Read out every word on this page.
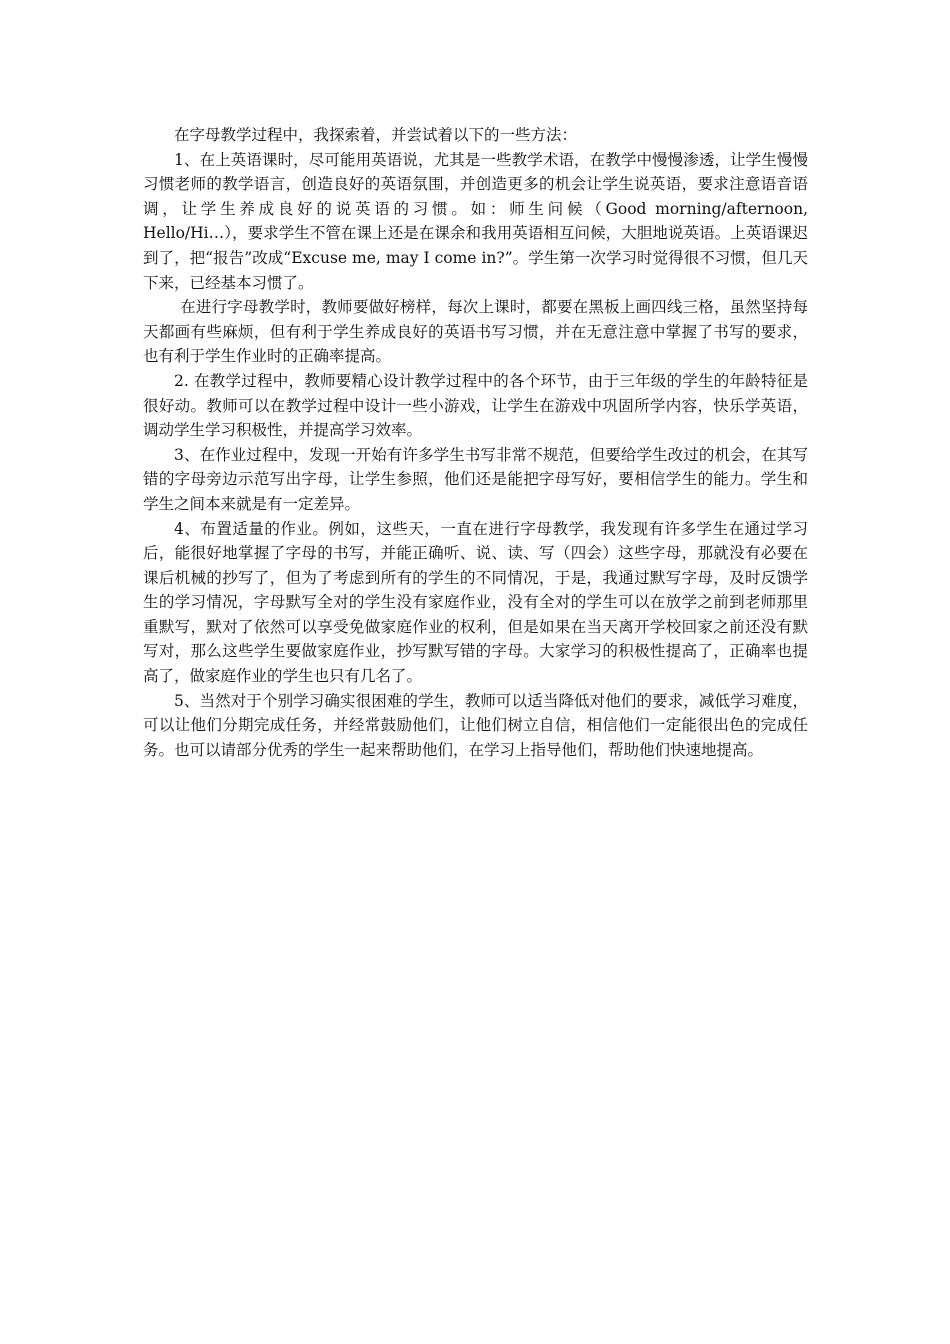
在字母教学过程中，我探索着，并尝试着以下的一些方法：

1、在上英语课时，尽可能用英语说，尤其是一些教学术语，在教学中慢慢渗透，让学生慢慢习惯老师的教学语言，创造良好的英语氛围，并创造更多的机会让学生说英语，要求注意语音语调，让学生养成良好的说英语的习惯。如：师生问候（Good morning/afternoon, Hello/Hi…），要求学生不管在课上还是在课余和我用英语相互问候，大胆地说英语。上英语课迟到了，把“报告”改成“Excuse me, may I come in?”。学生第一次学习时觉得很不习惯，但几天下来，已经基本习惯了。

在进行字母教学时，教师要做好榜样，每次上课时，都要在黑板上画四线三格，虽然坚持每天都画有些麻烦，但有利于学生养成良好的英语书写习惯，并在无意注意中掌握了书写的要求，也有利于学生作业时的正确率提高。

2. 在教学过程中，教师要精心设计教学过程中的各个环节，由于三年级的学生的年龄特征是很好动。教师可以在教学过程中设计一些小游戏，让学生在游戏中巩固所学内容，快乐学英语，调动学生学习积极性，并提高学习效率。

3、在作业过程中，发现一开始有许多学生书写非常不规范，但要给学生改过的机会，在其写错的字母旁边示范写出字母，让学生参照，他们还是能把字母写好，要相信学生的能力。学生和学生之间本来就是有一定差异。

4、布置适量的作业。例如，这些天，一直在进行字母教学，我发现有许多学生在通过学习后，能很好地掌握了字母的书写，并能正确听、说、读、写（四会）这些字母，那就没有必要在课后机械的抄写了，但为了考虑到所有的学生的不同情况，于是，我通过默写字母，及时反馈学生的学习情况，字母默写全对的学生没有家庭作业，没有全对的学生可以在放学之前到老师那里重默写，默对了依然可以享受免做家庭作业的权利，但是如果在当天离开学校回家之前还没有默写对，那么这些学生要做家庭作业，抄写默写错的字母。大家学习的积极性提高了，正确率也提高了，做家庭作业的学生也只有几名了。

5、当然对于个别学习确实很困难的学生，教师可以适当降低对他们的要求，减低学习难度，可以让他们分期完成任务，并经常鼓励他们，让他们树立自信，相信他们一定能很出色的完成任务。也可以请部分优秀的学生一起来帮助他们，在学习上指导他们，帮助他们快速地提高。
